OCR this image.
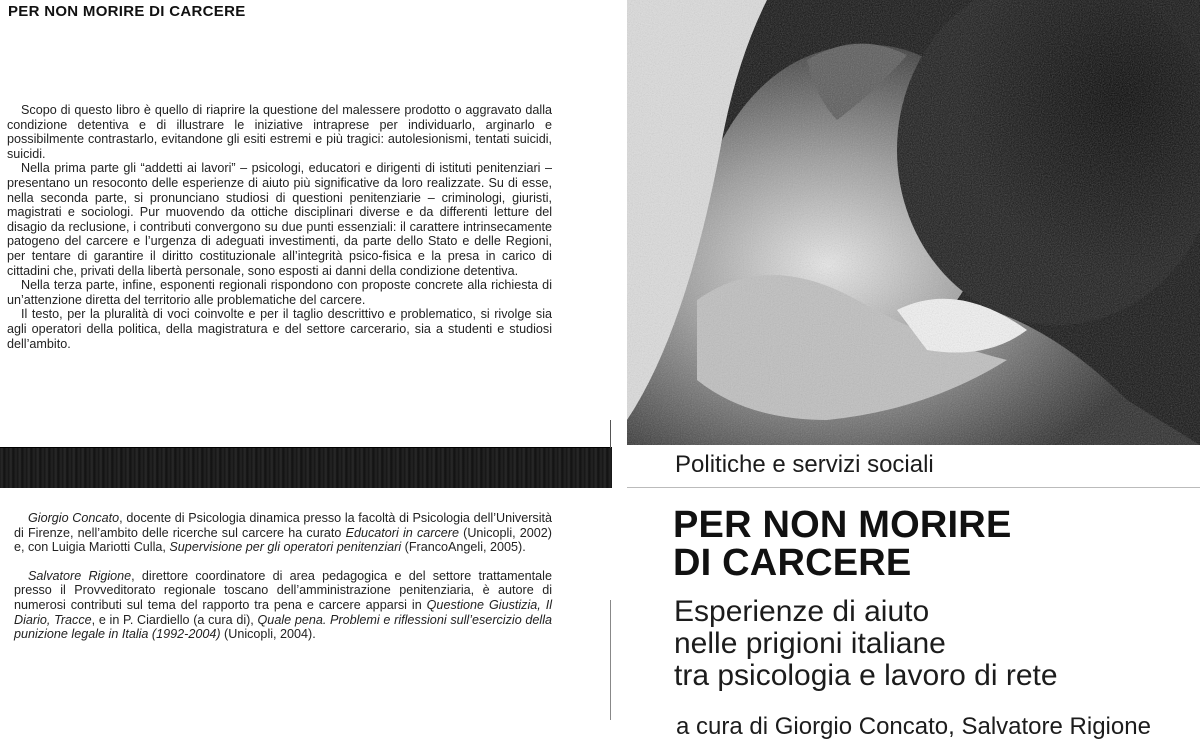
PER NON MORIRE DI CARCERE

Scopo di questo libro è quello di riaprire la questione del malessere prodotto o aggravato dalla condizione detentiva e di illustrare le iniziative intraprese per individuarlo, arginarlo e possibilmente contrastarlo, evitandone gli esiti estremi e più tragici: autolesionismi, tentati suicidi, suicidi.

Nella prima parte gli “addetti ai lavori” – psicologi, educatori e dirigenti di istituti penitenziari – presentano un resoconto delle esperienze di aiuto più significative da loro realizzate. Su di esse, nella seconda parte, si pronunciano studiosi di questioni penitenziarie – criminologi, giuristi, magistrati e sociologi. Pur muovendo da ottiche disciplinari diverse e da differenti letture del disagio da reclusione, i contributi convergono su due punti essenziali: il carattere intrinsecamente patogeno del carcere e l’urgenza di adeguati investimenti, da parte dello Stato e delle Regioni, per tentare di garantire il diritto costituzionale all’integrità psico-fisica e la presa in carico di cittadini che, privati della libertà personale, sono esposti ai danni della condizione detentiva.

Nella terza parte, infine, esponenti regionali rispondono con proposte concrete alla richiesta di un’attenzione diretta del territorio alle problematiche del carcere.

Il testo, per la pluralità di voci coinvolte e per il taglio descrittivo e problematico, si rivolge sia agli operatori della politica, della magistratura e del settore carcerario, sia a studenti e studiosi dell’ambito.

Giorgio Concato, docente di Psicologia dinamica presso la facoltà di Psicologia dell’Università di Firenze, nell’ambito delle ricerche sul carcere ha curato Educatori in carcere (Unicopli, 2002) e, con Luigia Mariotti Culla, Supervisione per gli operatori penitenziari (FrancoAngeli, 2005).

Salvatore Rigione, direttore coordinatore di area pedagogica e del settore trattamentale presso il Provveditorato regionale toscano dell’amministrazione penitenziaria, è autore di numerosi contributi sul tema del rapporto tra pena e carcere apparsi in Questione Giustizia, Il Diario, Tracce, e in P. Ciardiello (a cura di), Quale pena. Problemi e riflessioni sull’esercizio della punizione legale in Italia (1992-2004) (Unicopli, 2004).

Politiche e servizi sociali
PER NON MORIRE
DI CARCERE
Esperienze di aiuto
nelle prigioni italiane
tra psicologia e lavoro di rete
a cura di Giorgio Concato, Salvatore Rigione
